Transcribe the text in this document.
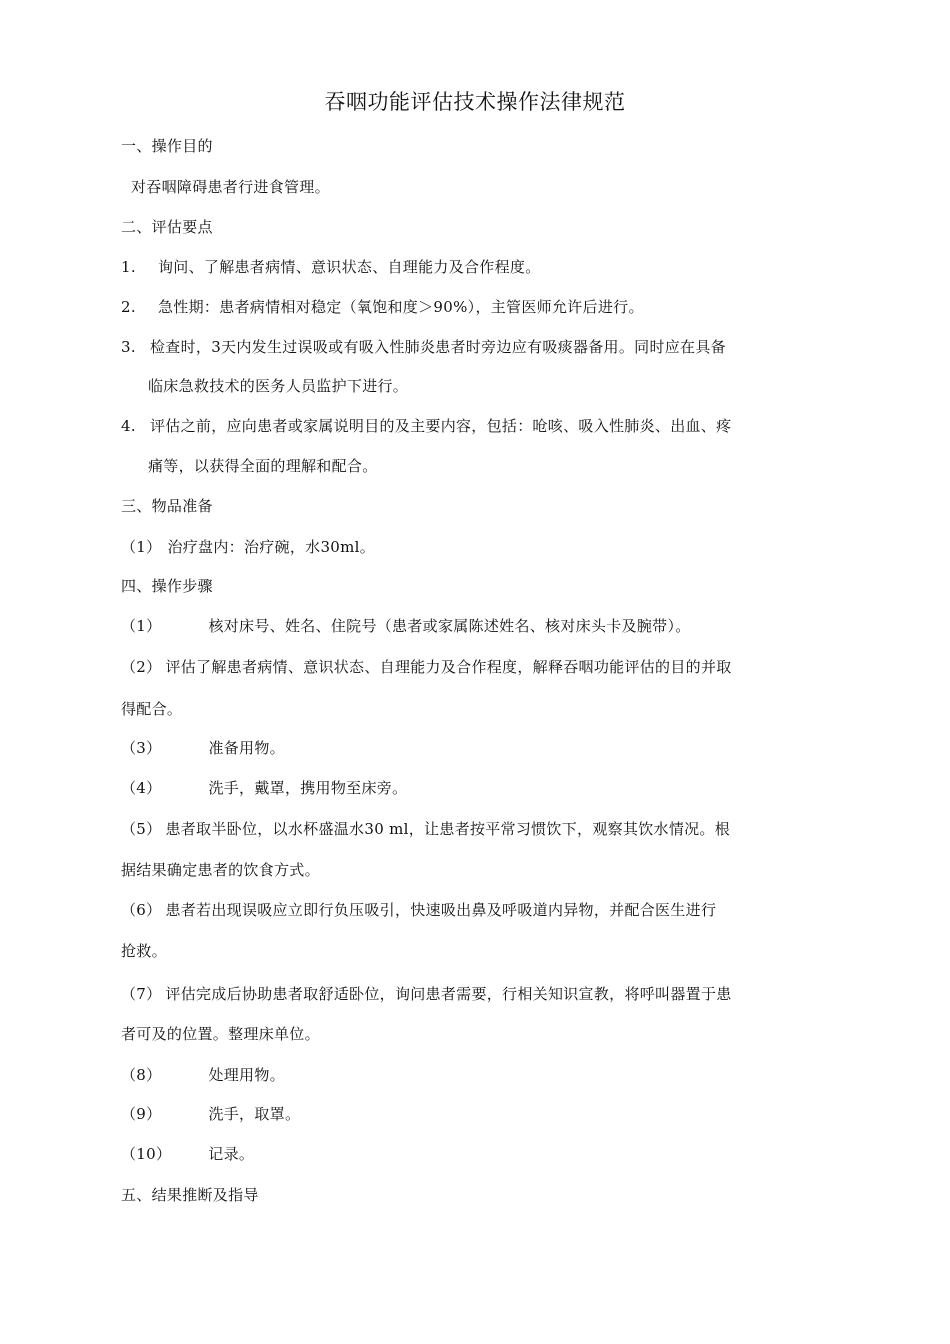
吞咽功能评估技术操作法律规范
一、操作目的
对吞咽障碍患者行进食管理。
二、评估要点
1. 询问、了解患者病情、意识状态、自理能力及合作程度。
2. 急性期：患者病情相对稳定（氧饱和度＞90%），主管医师允许后进行。
3. 检查时，3天内发生过误吸或有吸入性肺炎患者时旁边应有吸痰器备用。同时应在具备
临床急救技术的医务人员监护下进行。
4. 评估之前，应向患者或家属说明目的及主要内容，包括：呛咳、吸入性肺炎、出血、疼
痛等，以获得全面的理解和配合。
三、物品准备
（1） 治疗盘内：治疗碗，水30ml。
四、操作步骤
（1）	核对床号、姓名、住院号（患者或家属陈述姓名、核对床头卡及腕带）。
（2） 评估了解患者病情、意识状态、自理能力及合作程度，解释吞咽功能评估的目的并取
得配合。
（3）	准备用物。
（4）	洗手，戴罩，携用物至床旁。
（5） 患者取半卧位，以水杯盛温水30 ml，让患者按平常习惯饮下，观察其饮水情况。根
据结果确定患者的饮食方式。
（6） 患者若出现误吸应立即行负压吸引，快速吸出鼻及呼吸道内异物，并配合医生进行
抢救。
（7） 评估完成后协助患者取舒适卧位，询问患者需要，行相关知识宣教，将呼叫器置于患
者可及的位置。整理床单位。
（8）	处理用物。
（9）	洗手，取罩。
（10） 记录。
五、结果推断及指导
